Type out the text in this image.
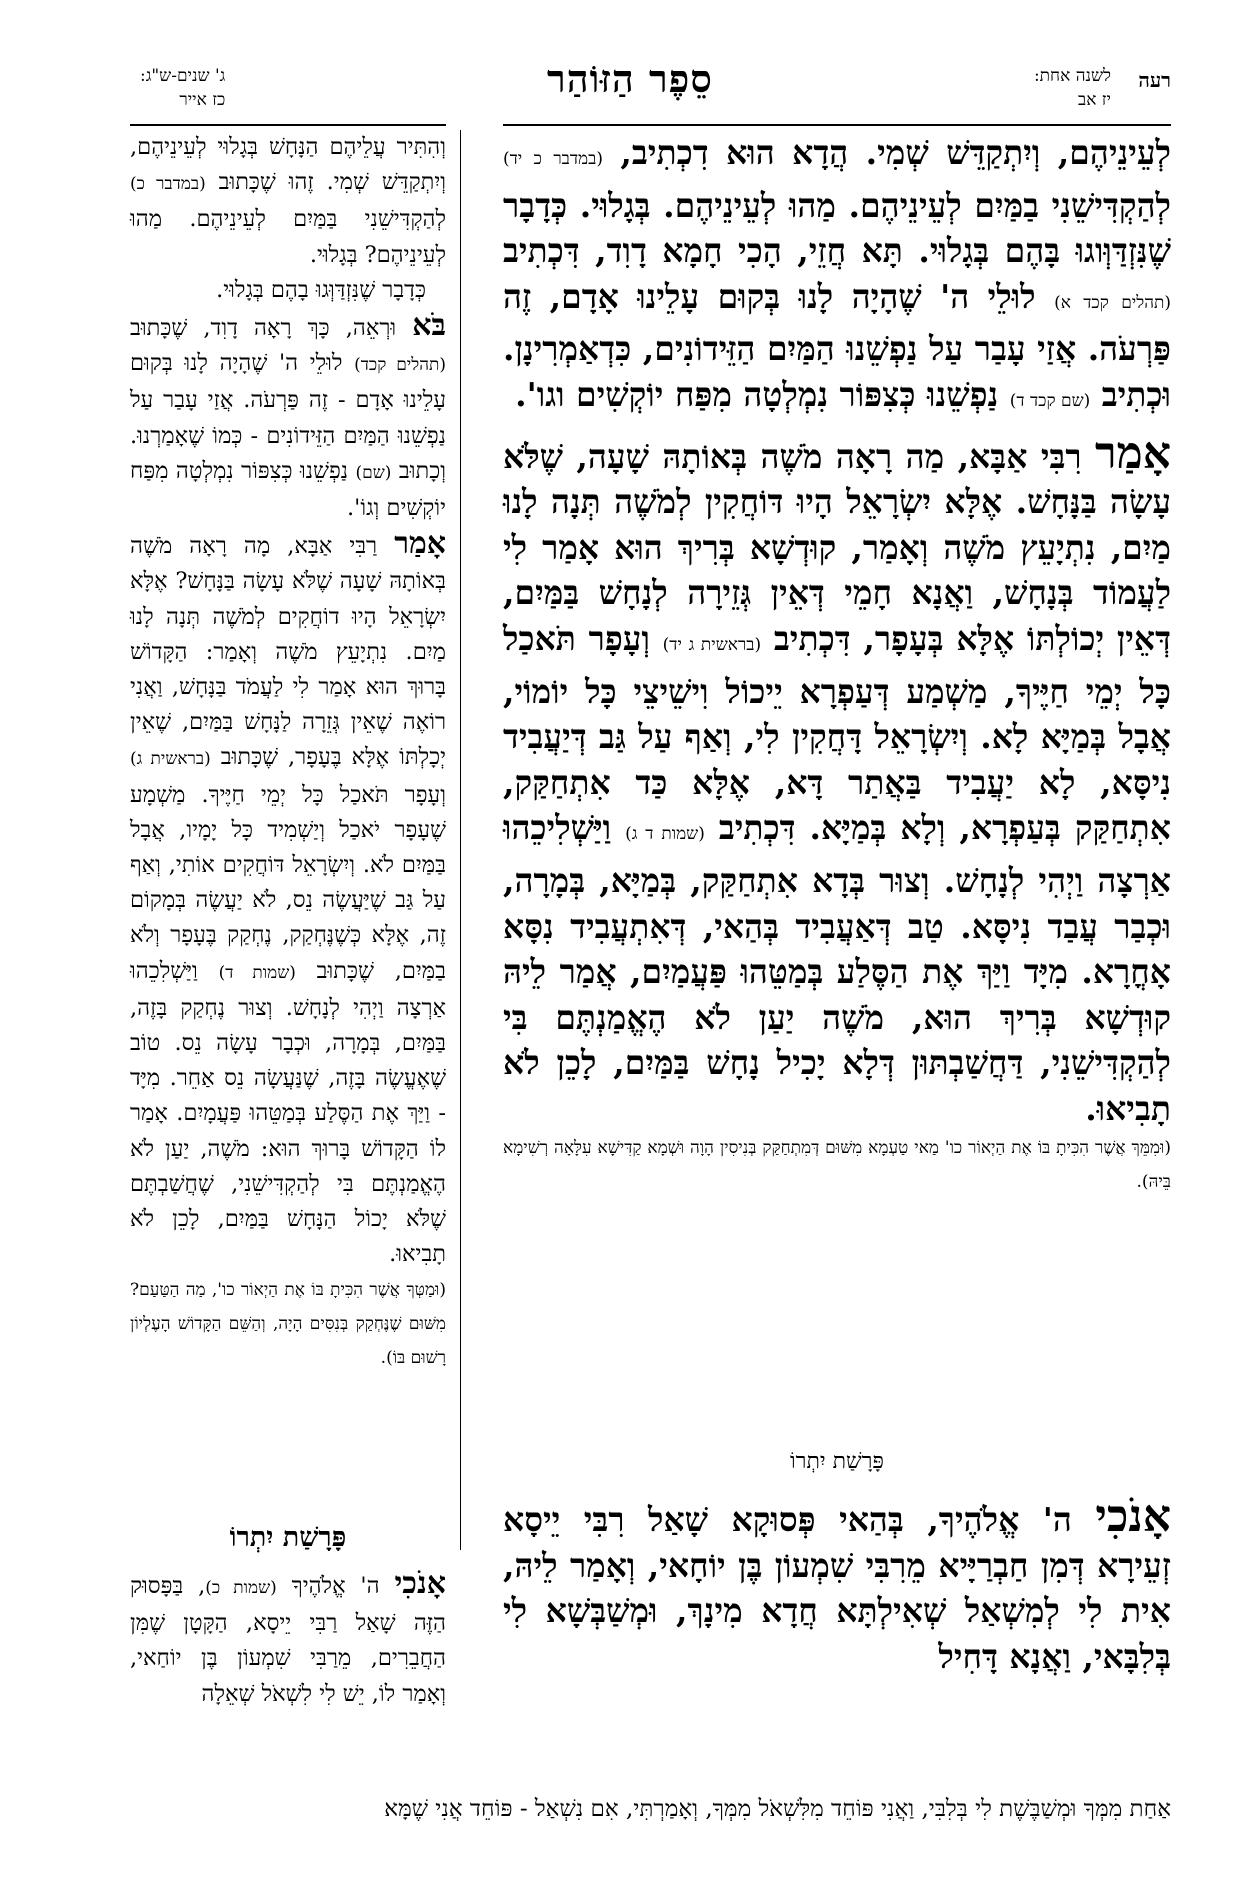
רעה
לשנה אחת:
יז אב
סֵפֶר הַזּוֹהַר
ג' שנים-ש"ג:
כז אייר

לְעֵינֵיהֶם, וְיִתְקַדֵּשׁ שְׁמִי. הֲדָא הוּא דִכְתִיב, (במדבר כ יד) לְהַקְדִּישֵׁנִי בַמַּיִם לְעֵינֵיהֶם. מַהוּ לְעֵינֵיהֶם. בְּגָלוּי. כְּדָבָר שֶׁנִּזְדַּוְּוגוּ בָּהֶם בְּגָלוּי. תָּא חֲזֵי, הָכִי חָמָא דָוִד, דִּכְתִיב (תהלים קכד א) לוּלֵי ה' שֶׁהָיָה לָנוּ בְּקוּם עָלֵינוּ אָדָם, זֶה פַּרְעֹה. אֲזַי עָבַר עַל נַפְשֵׁנוּ הַמַּיִם הַזֵּידוֹנִים, כִּדְאַמְרִינָן. וּכְתִיב (שם קכד ד) נַפְשֵׁנוּ כְּצִפּוֹר נִמְלְטָה מִפַּח יוֹקְשִׁים וגו'.

אָמַר רִבִּי אַבָּא, מַה רָאָה מֹשֶׁה בְּאוֹתָהּ שָׁעָה, שֶׁלֹּא עָשָׂה בַּנָּחָשׁ. אֶלָּא יִשְׂרָאֵל הָיוּ דּוֹחֲקִין לְמֹשֶׁה תְּנָה לָנוּ מַיִם, נִתְיָעֵץ מֹשֶׁה וְאָמַר, קוּדְשָׁא בְּרִיךְ הוּא אָמַר לִי לַעֲמוֹד בְּנָחָשׁ, וַאֲנָא חָמֵי דְּאֵין גְּזֵירָה לְנָחָשׁ בַּמַּיִם, דְּאֵין יְכוֹלְתּוֹ אֶלָּא בְּעָפָר, דִּכְתִיב (בראשית ג יד) וְעָפָר תֹּאכַל כָּל יְמֵי חַיֶּיךָ, מַשְׁמַע דְּעַפְרָא יֵיכוֹל וִישֵׁיצֵי כָּל יוֹמוֹי, אֲבָל בְּמַיָּא לָא. וְיִשְׂרָאֵל דָּחֲקִין לִי, וְאַף עַל גַּב דְּיַעֲבִיד נִיסָּא, לָא יַעֲבִיד בַּאֲתַר דָּא, אֶלָּא כַּד אִתְחַקַּק, אִתְחַקַּק בְּעַפְרָא, וְלָא בְּמַיָּא. דִּכְתִיב (שמות ד ג) וַיַּשְׁלִיכֵהוּ אַרְצָה וַיְהִי לְנָחָשׁ. וְצוּר בְּדָא אִתְחַקַּק, בְּמַיָּא, בְּמָרָה, וּכְבַר עֲבַד נִיסָּא. טַב דְּאַעֲבִיד בְּהַאי, דְּאִתְעֲבִיד נִסָּא אָחֳרָא. מִיָּד וַיַּךְ אֶת הַסֶּלַע בְּמַטֵּהוּ פַּעֲמַיִם, אֲמַר לֵיהּ קוּדְשָׁא בְּרִיךְ הוּא, מֹשֶׁה יַעַן לֹא הֶאֱמַנְתֶּם בִּי לְהַקְדִּישֵׁנִי, דַּחֲשַׁבְתּוּן דְּלָא יָכִיל נָחָשׁ בַּמַּיִם, לָכֵן לֹא תָבִיאוּ.
(וּמִמֵּךְ אֲשֶׁר הִכִּיתָ בּוֹ אֶת הַיְאוֹר כו' מַאי טַעְמָא מִשּׁוּם דְּמִתְחַקַּק בְּנִיסִין הָוָה וּשְׁמָא קַדִּישָׁא עִלָּאָה רְשִׁימָא בֵּיהּ).

פָּרָשַׁת יִתְרוֹ

אָנֹכִי ה' אֱלֹהֶיךָ, בְּהַאי פְּסוּקָא שָׁאַל רִבִּי יֵיסָא זְעֵירָא דְּמִן חַבְרַיָּיא מֵרִבִּי שִׁמְעוֹן בֶּן יוֹחָאי, וְאָמַר לֵיהּ, אִית לִי לְמִשְׁאַל שְׁאִילְתָּא חֲדָא מִינָךְ, וּמְשַׁבְּשָׁא לִי בְּלִבָּאי, וַאֲנָא דָּחִיל

וְהִתִּיר עֲלֵיהֶם הַנָּחָשׁ בְּגָלוּי לְעֵינֵיהֶם, וְיִתְקַדֵּשׁ שְׁמִי. זֶהוּ שֶׁכָּתוּב (במדבר כ) לְהַקְדִּישֵׁנִי בַּמַּיִם לְעֵינֵיהֶם. מַהוּ לְעֵינֵיהֶם? בְּגָלוּי.

כְּדָבָר שֶׁנִּזְדַּוְּגוּ בָהֶם בְּגָלוּי.

בֹּא וּרְאֵה, כָּךְ רָאָה דָוִד, שֶׁכָּתוּב (תהלים קכד) לוּלֵי ה' שֶׁהָיָה לָנוּ בְּקוּם עָלֵינוּ אָדָם - זֶה פַּרְעֹה. אֲזַי עָבַר עַל נַפְשֵׁנוּ הַמַּיִם הַזֵּידוֹנִים - כְּמוֹ שֶׁאָמַרְנוּ. וְכָתוּב (שם) נַפְשֵׁנוּ כְּצִפּוֹר נִמְלְטָה מִפַּח יוֹקְשִׁים וְגוֹ'.

אָמַר רַבִּי אַבָּא, מָה רָאָה מֹשֶׁה בְּאוֹתָהּ שָׁעָה שֶׁלֹּא עָשָׂה בַּנָּחָשׁ? אֶלָּא יִשְׂרָאֵל הָיוּ דוֹחֲקִים לְמֹשֶׁה תְּנָה לָנוּ מַיִם. נִתְיָעֵץ מֹשֶׁה וְאָמַר: הַקָּדוֹשׁ בָּרוּךְ הוּא אָמַר לִי לַעֲמֹד בַּנָּחָשׁ, וַאֲנִי רוֹאֶה שֶׁאֵין גְּזֵרָה לַנָּחָשׁ בַּמַּיִם, שֶׁאֵין יְכָלְתּוֹ אֶלָּא בֶּעָפָר, שֶׁכָּתוּב (בראשית ג) וְעָפָר תֹּאכַל כָּל יְמֵי חַיֶּיךָ. מַשְׁמָע שֶׁעָפָר יֹאכַל וְיַשְׁמִיד כָּל יָמָיו, אֲבָל בַּמַּיִם לֹא. וְיִשְׂרָאֵל דּוֹחֲקִים אוֹתִי, וְאַף עַל גַּב שֶׁיַּעֲשֶׂה נֵס, לֹא יַעֲשֶׂה בְּמָקוֹם זֶה, אֶלָּא כְּשֶׁנֶּחְקַק, נֶחְקַק בֶּעָפָר וְלֹא בַמַּיִם, שֶׁכָּתוּב (שמות ד) וַיַּשְׁלִכֵהוּ אַרְצָה וַיְהִי לְנָחָשׁ. וְצוּר נֶחְקַק בָּזֶה, בַּמַּיִם, בְּמָרָה, וּכְבָר עָשָׂה נֵס. טוֹב שֶׁאֶעֱשֶׂה בָּזֶה, שֶׁנַּעֲשָׂה נֵס אַחֵר. מִיָּד - וַיַּךְ אֶת הַסֶּלַע בְּמַטֵּהוּ פַּעֲמָיִם. אָמַר לוֹ הַקָּדוֹשׁ בָּרוּךְ הוּא: מֹשֶׁה, יַעַן לֹא הֶאֱמַנְתֶּם בִּי לְהַקְדִּישֵׁנִי, שֶׁחֲשַׁבְתֶּם שֶׁלֹּא יָכוֹל הַנָּחָשׁ בַּמַּיִם, לָכֵן לֹא תָבִיאוּ.
(וּמַטְּךָ אֲשֶׁר הִכִּיתָ בּוֹ אֶת הַיְאוֹר כו', מַה הַטַּעַם? מִשּׁוּם שֶׁנֶּחְקַק בְּנִסִּים הָיָה, וְהַשֵּׁם הַקָּדוֹשׁ הָעֶלְיוֹן רָשׁוּם בּוֹ).

פָּרָשַׁת יִתְרוֹ

אָנֹכִי ה' אֱלֹהֶיךָ (שמות כ), בַּפָּסוּק הַזֶּה שָׁאַל רַבִּי יֵיסָא, הַקָּטָן שֶׁמִּן הַחֲבֵרִים, מֵרַבִּי שִׁמְעוֹן בֶּן יוֹחַאי, וְאָמַר לוֹ, יֵשׁ לִי לִשְׁאֹל שְׁאֵלָה

אַחַת מִמְּךָ וּמְשַׁבֶּשֶׁת לִי בְּלִבִּי, וַאֲנִי פּוֹחֵד מִלִּשְׁאֹל מִמְּךָ, וְאָמַרְתִּי, אִם נִשְׁאַל - פּוֹחֵד אֲנִי שֶׁמָּא
